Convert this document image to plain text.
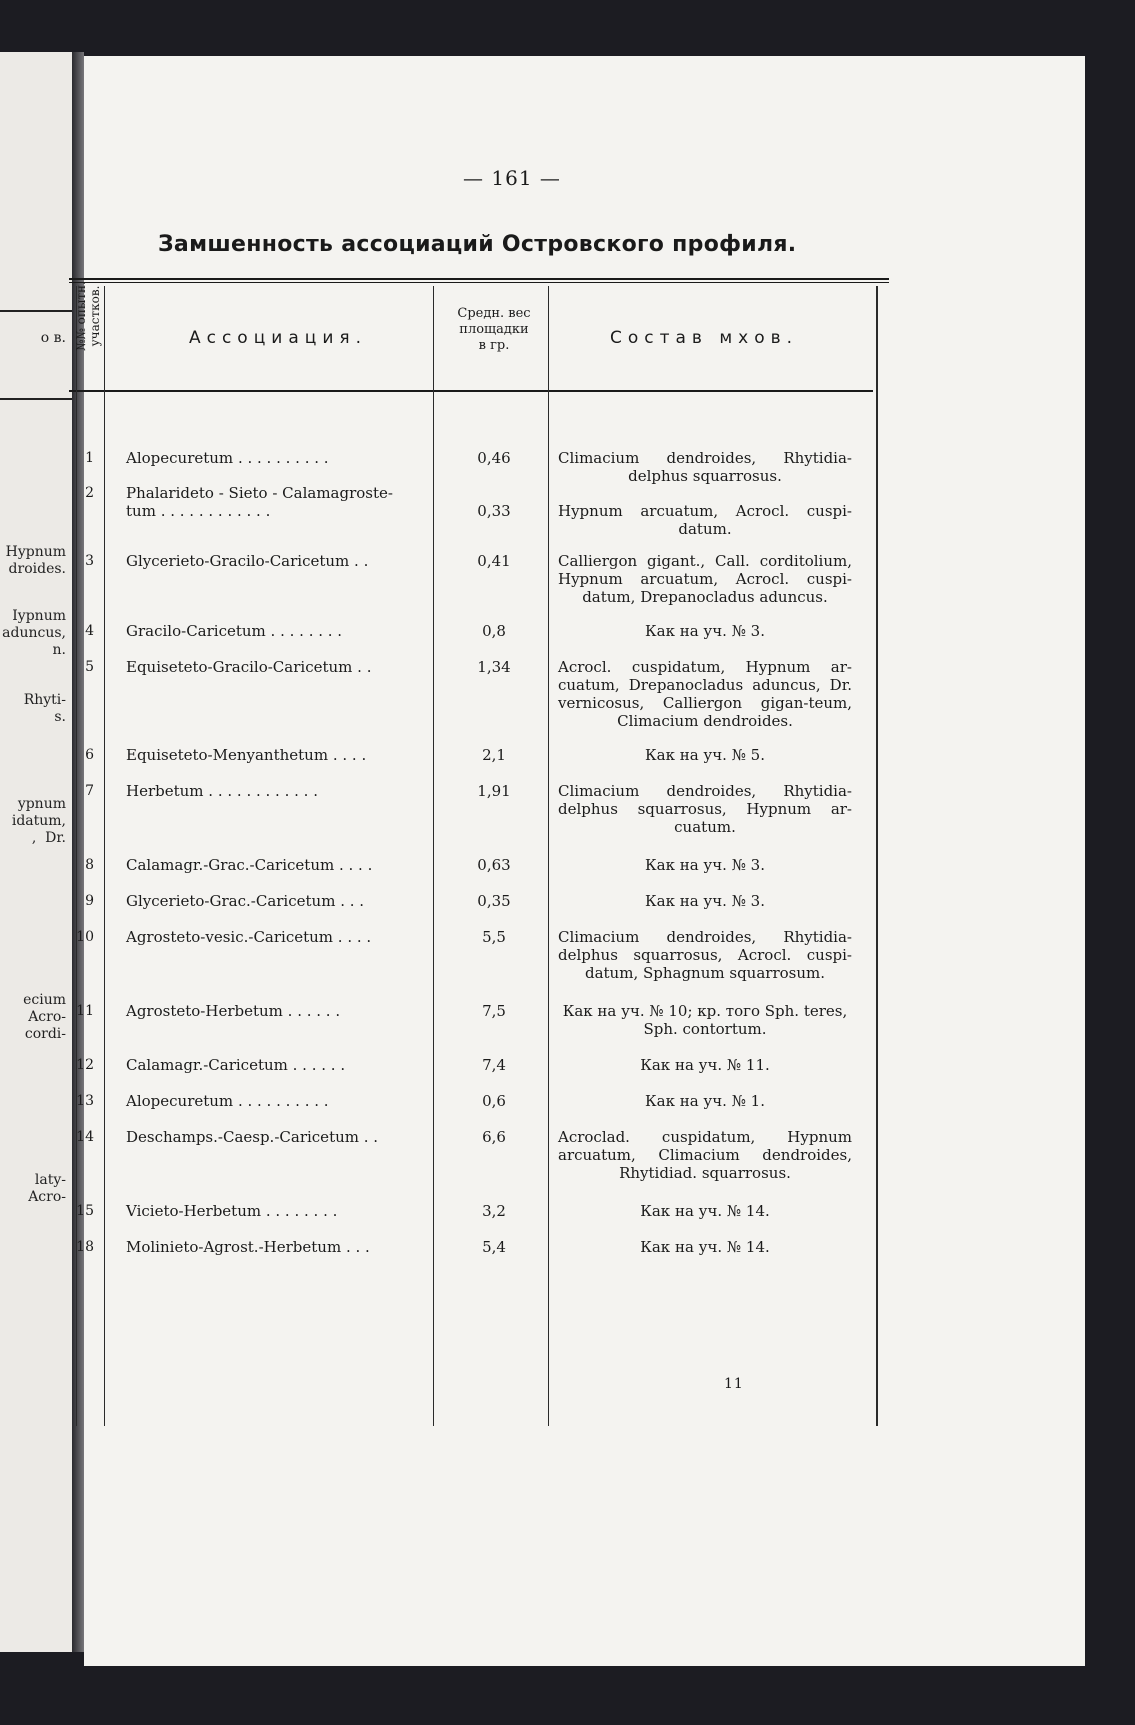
о в.
Hypnum
droides.
Iypnum
aduncus,
n.
Rhyti-
s.
ypnum
idatum,
,  Dr.
ecium
Acro-
cordi-
laty-
Acro-
— 161 —
Замшенность ассоциаций Островского профиля.
№№ опытн.
участков.	Ассоциация.
Средн. вес
площадки
в гр.	Состав мхов.
1 Alopecuretum . . . . . . . . . .	0,46	Climacium dendroides, Rhytidia-delphus squarrosus.
2 Phalarideto - Sieto - Calamagroste-tum . . . . . . . . . . . .	0,33	Hypnum arcuatum, Acrocl. cuspi-datum.
3 Glycerieto-Gracilo-Caricetum . .	0,41	Calliergon gigant., Call. corditolium, Hypnum arcuatum, Acrocl. cuspi-datum, Drepanocladus aduncus.
4 Gracilo-Caricetum . . . . . . . .	0,8	Как на уч. № 3.
5 Equiseteto-Gracilo-Caricetum . .	1,34	Acrocl. cuspidatum, Hypnum ar-cuatum, Drepanocladus aduncus, Dr. vernicosus, Calliergon gigan-teum, Climacium dendroides.
6 Equiseteto-Menyanthetum . . . .	2,1	Как на уч. № 5.
7 Herbetum . . . . . . . . . . . .	1,91	Climacium dendroides, Rhytidia-delphus squarrosus, Hypnum ar-cuatum.
8 Calamagr.-Grac.-Caricetum . . . .	0,63	Как на уч. № 3.
9 Glycerieto-Grac.-Caricetum . . .	0,35	Как на уч. № 3.
10 Agrosteto-vesic.-Caricetum . . . .	5,5	Climacium dendroides, Rhytidia-delphus squarrosus, Acrocl. cuspi-datum, Sphagnum squarrosum.
11 Agrosteto-Herbetum . . . . . .	7,5	Как на уч. № 10; кр. того Sph. teres, Sph. contortum.
12 Calamagr.-Caricetum . . . . . .	7,4	Как на уч. № 11.
13 Alopecuretum . . . . . . . . . .	0,6	Как на уч. № 1.
14 Deschamps.-Caesp.-Caricetum . .	6,6	Acroclad. cuspidatum, Hypnum arcuatum, Climacium dendroides, Rhytidiad. squarrosus.
15 Vicieto-Herbetum . . . . . . . .	3,2	Как на уч. № 14.
18 Molinieto-Agrost.-Herbetum . . .	5,4	Как на уч. № 14.
11
